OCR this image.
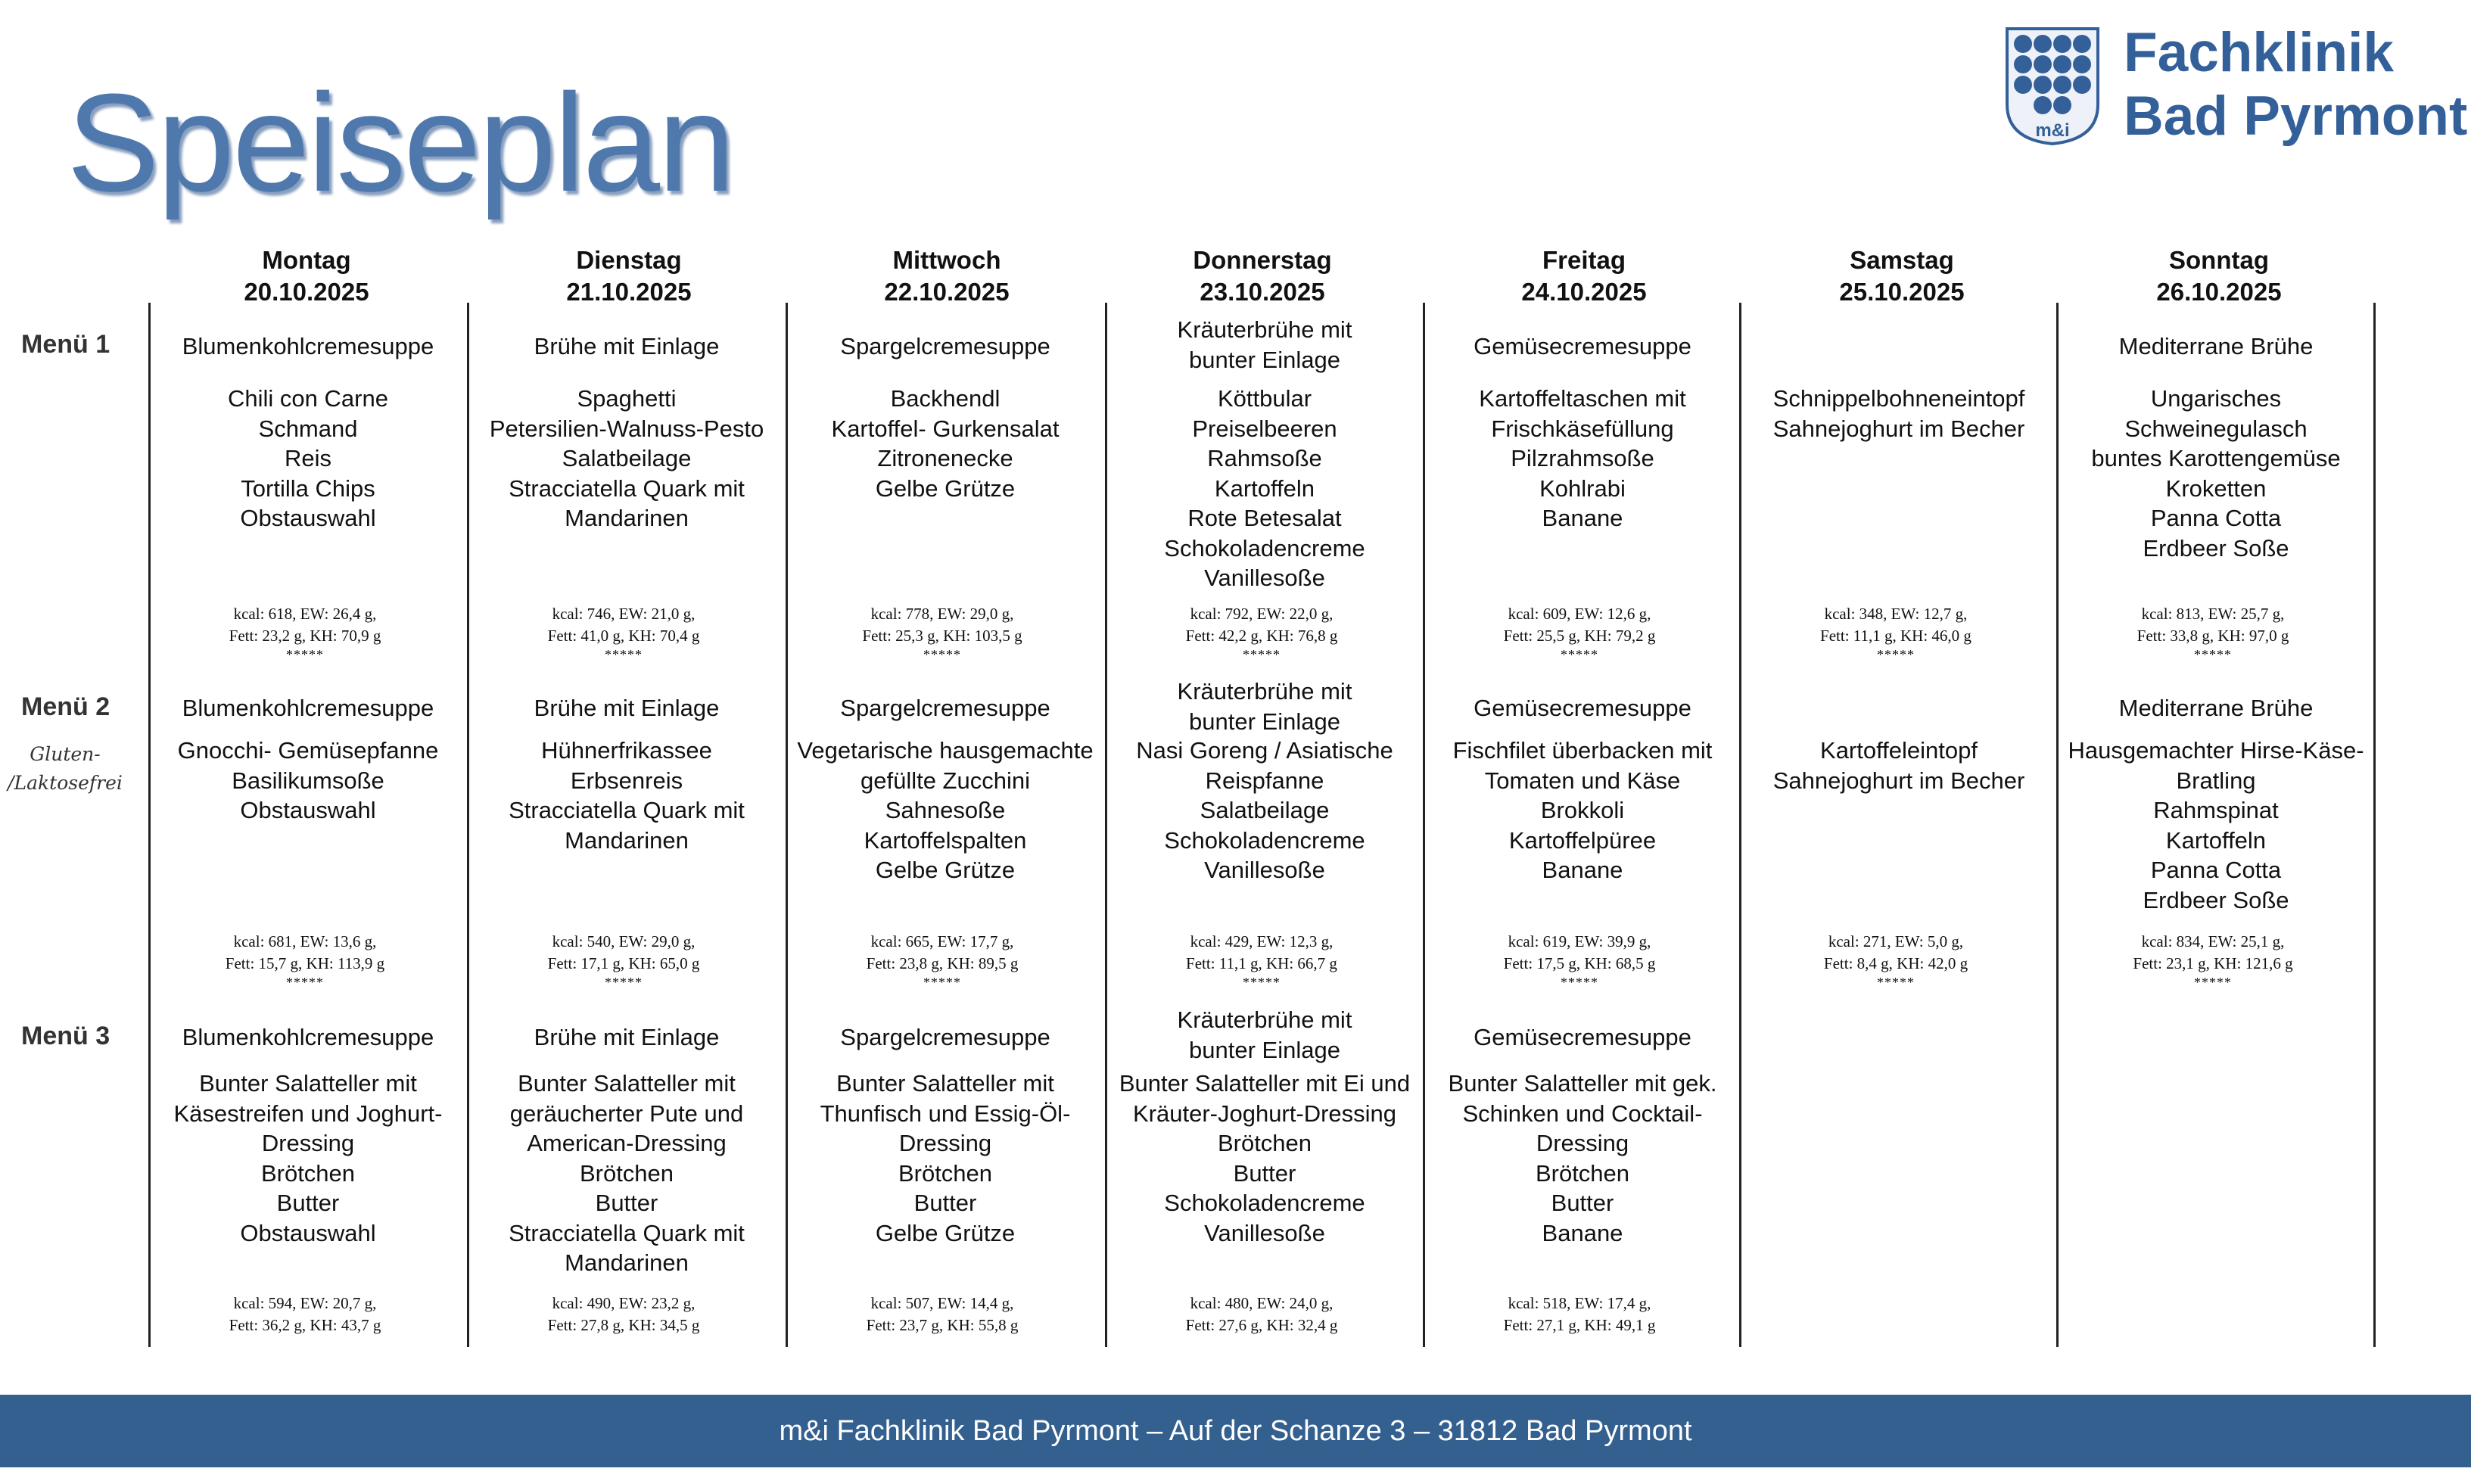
Speiseplan	m&i
Fachklinik
Bad Pyrmont
Montag
20.10.2025
Dienstag
21.10.2025
Mittwoch
22.10.2025
Donnerstag
23.10.2025
Freitag
24.10.2025
Samstag
25.10.2025
Sonntag
26.10.2025
Menü 1
Menü 2
Gluten- /Laktosefrei
Menü 3
Blumenkohlcremesuppe
Chili con Carne
Schmand
Reis
Tortilla Chips
Obstauswahl
kcal: 618, EW: 26,4 g,
Fett: 23,2 g, KH: 70,9 g
*****
Brühe mit Einlage
Spaghetti
Petersilien-Walnuss-Pesto
Salatbeilage
Stracciatella Quark mit
Mandarinen
kcal: 746, EW: 21,0 g,
Fett: 41,0 g, KH: 70,4 g
*****
Spargelcremesuppe
Backhendl
Kartoffel- Gurkensalat
Zitronenecke
Gelbe Grütze
kcal: 778, EW: 29,0 g,
Fett: 25,3 g, KH: 103,5 g
*****
Kräuterbrühe mit bunter Einlage
Köttbular
Preiselbeeren
Rahmsoße
Kartoffeln
Rote Betesalat
Schokoladencreme
Vanillesoße
kcal: 792, EW: 22,0 g,
Fett: 42,2 g, KH: 76,8 g
*****
Gemüsecremesuppe
Kartoffeltaschen mit
Frischkäsefüllung
Pilzrahmsoße
Kohlrabi
Banane
kcal: 609, EW: 12,6 g,
Fett: 25,5 g, KH: 79,2 g
*****
Schnippelbohneneintopf
Sahnejoghurt im Becher
kcal: 348, EW: 12,7 g,
Fett: 11,1 g, KH: 46,0 g
*****
Mediterrane Brühe
Ungarisches
Schweinegulasch
buntes Karottengemüse
Kroketten
Panna Cotta
Erdbeer Soße
kcal: 813, EW: 25,7 g,
Fett: 33,8 g, KH: 97,0 g
*****
Blumenkohlcremesuppe
Gnocchi- Gemüsepfanne
Basilikumsoße
Obstauswahl
kcal: 681, EW: 13,6 g,
Fett: 15,7 g, KH: 113,9 g
*****
Brühe mit Einlage
Hühnerfrikassee
Erbsenreis
Stracciatella Quark mit
Mandarinen
kcal: 540, EW: 29,0 g,
Fett: 17,1 g, KH: 65,0 g
*****
Spargelcremesuppe
Vegetarische hausgemachte
gefüllte Zucchini
Sahnesoße
Kartoffelspalten
Gelbe Grütze
kcal: 665, EW: 17,7 g,
Fett: 23,8 g, KH: 89,5 g
*****
Kräuterbrühe mit bunter Einlage
Nasi Goreng / Asiatische
Reispfanne
Salatbeilage
Schokoladencreme
Vanillesoße
kcal: 429, EW: 12,3 g,
Fett: 11,1 g, KH: 66,7 g
*****
Gemüsecremesuppe
Fischfilet überbacken mit
Tomaten und Käse
Brokkoli
Kartoffelpüree
Banane
kcal: 619, EW: 39,9 g,
Fett: 17,5 g, KH: 68,5 g
*****
Kartoffeleintopf
Sahnejoghurt im Becher
kcal: 271, EW: 5,0 g,
Fett: 8,4 g, KH: 42,0 g
*****
Mediterrane Brühe
Hausgemachter Hirse-Käse-
Bratling
Rahmspinat
Kartoffeln
Panna Cotta
Erdbeer Soße
kcal: 834, EW: 25,1 g,
Fett: 23,1 g, KH: 121,6 g
*****
Blumenkohlcremesuppe
Bunter Salatteller mit
Käsestreifen und Joghurt-
Dressing
Brötchen
Butter
Obstauswahl
kcal: 594, EW: 20,7 g,
Fett: 36,2 g, KH: 43,7 g
Brühe mit Einlage
Bunter Salatteller mit
geräucherter Pute und
American-Dressing
Brötchen
Butter
Stracciatella Quark mit
Mandarinen
kcal: 490, EW: 23,2 g,
Fett: 27,8 g, KH: 34,5 g
Spargelcremesuppe
Bunter Salatteller mit
Thunfisch und Essig-Öl-
Dressing
Brötchen
Butter
Gelbe Grütze
kcal: 507, EW: 14,4 g,
Fett: 23,7 g, KH: 55,8 g
Kräuterbrühe mit bunter Einlage
Bunter Salatteller mit Ei und
Kräuter-Joghurt-Dressing
Brötchen
Butter
Schokoladencreme
Vanillesoße
kcal: 480, EW: 24,0 g,
Fett: 27,6 g, KH: 32,4 g
Gemüsecremesuppe
Bunter Salatteller mit gek.
Schinken und Cocktail-
Dressing
Brötchen
Butter
Banane
kcal: 518, EW: 17,4 g,
Fett: 27,1 g, KH: 49,1 g
m&i Fachklinik Bad Pyrmont – Auf der Schanze 3 – 31812 Bad Pyrmont
